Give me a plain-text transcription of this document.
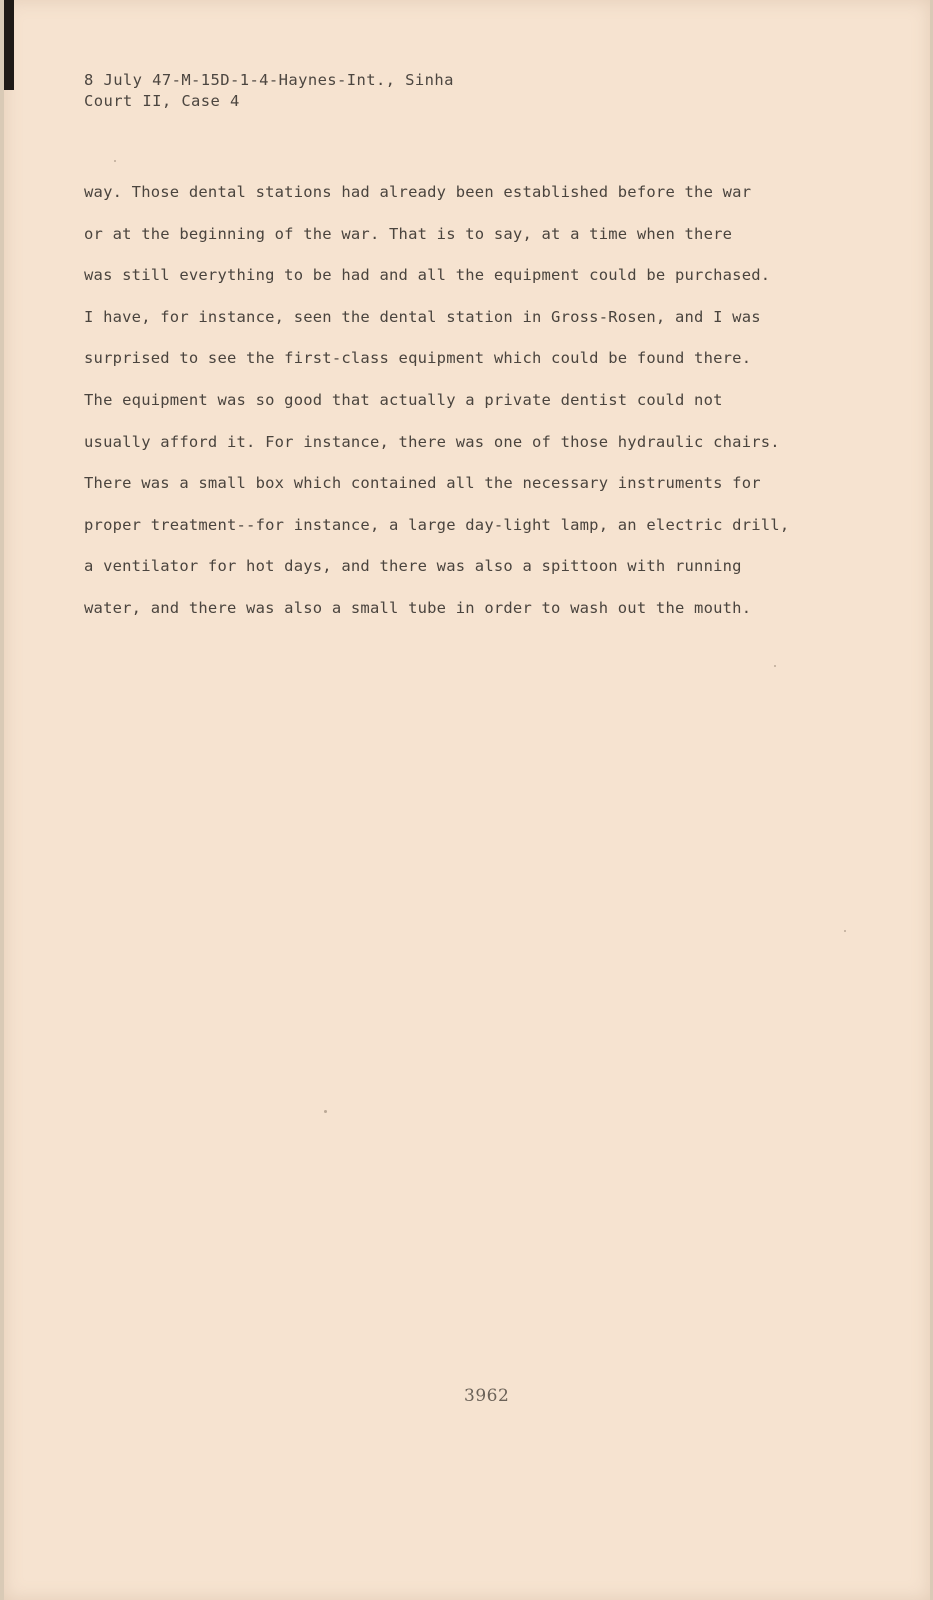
8 July 47-M-15D-1-4-Haynes-Int., Sinha
Court II, Case 4
way. Those dental stations had already been established before the war
or at the beginning of the war. That is to say, at a time when there
was still everything to be had and all the equipment could be purchased.
I have, for instance, seen the dental station in Gross-Rosen, and I was
surprised to see the first-class equipment which could be found there.
The equipment was so good that actually a private dentist could not
usually afford it. For instance, there was one of those hydraulic chairs.
There was a small box which contained all the necessary instruments for
proper treatment--for instance, a large day-light lamp, an electric drill,
a ventilator for hot days, and there was also a spittoon with running
water, and there was also a small tube in order to wash out the mouth.
3962
